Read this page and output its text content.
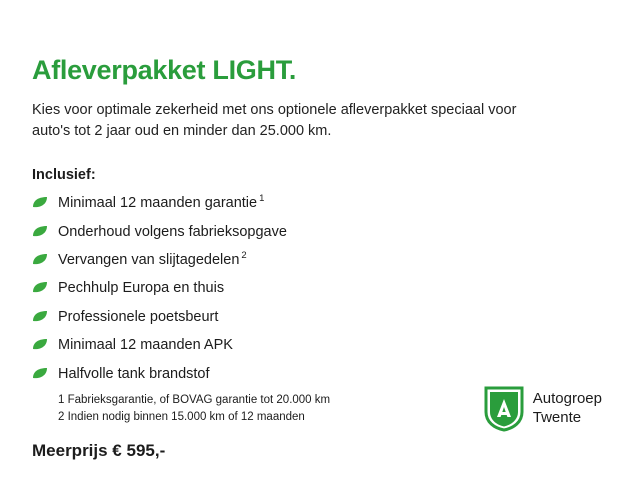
Afleverpakket LIGHT.

Kies voor optimale zekerheid met ons optionele afleverpakket speciaal voor auto's tot 2 jaar oud en minder dan 25.000 km.

Inclusief:
Minimaal 12 maanden garantie $^1$
Onderhoud volgens fabrieksopgave
Vervangen van slijtagedelen $^2$
Pechhulp Europa en thuis
Professionele poetsbeurt
Minimaal 12 maanden APK
Halfvolle tank brandstof
1 Fabrieksgarantie, of BOVAG garantie tot 20.000 km
2 Indien nodig binnen 15.000 km of 12 maanden
Meerprijs € 595,-
Autogroep
Twente
